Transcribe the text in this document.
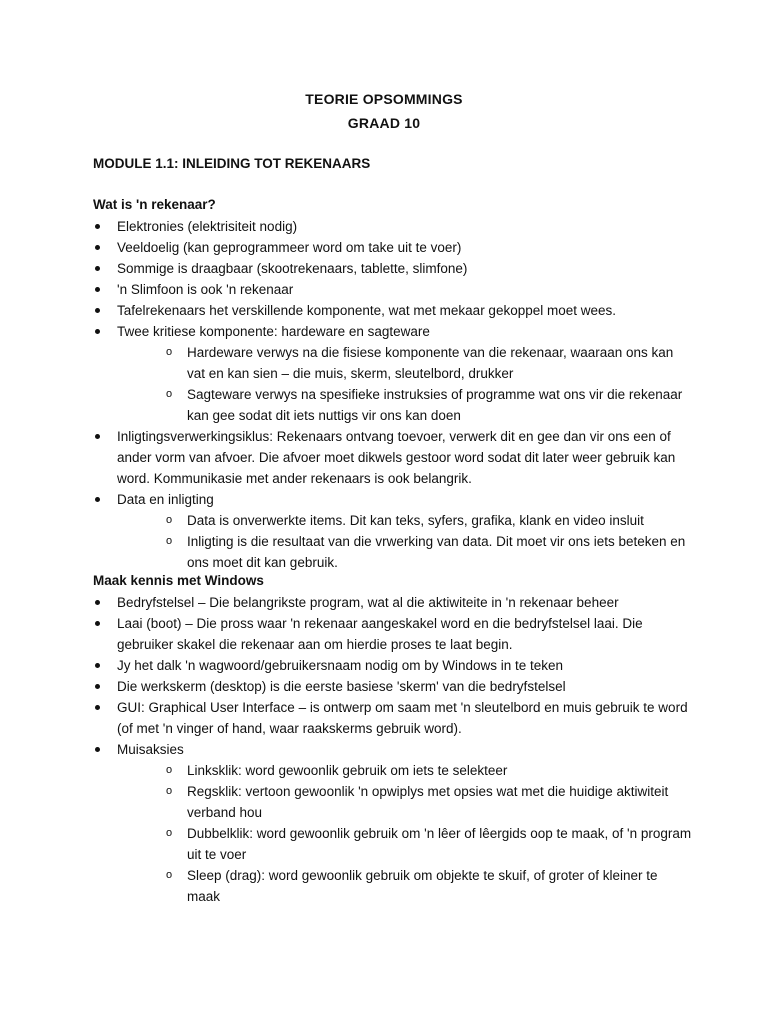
TEORIE OPSOMMINGS
GRAAD 10
MODULE 1.1: INLEIDING TOT REKENAARS
Wat is 'n rekenaar?
Elektronies (elektrisiteit nodig)
Veeldoelig (kan geprogrammeer word om take uit te voer)
Sommige is draagbaar (skootrekenaars, tablette, slimfone)
'n Slimfoon is ook 'n rekenaar
Tafelrekenaars het verskillende komponente, wat met mekaar gekoppel moet wees.
Twee kritiese komponente: hardeware en sagteware
o Hardeware verwys na die fisiese komponente van die rekenaar, waaraan ons kan vat en kan sien – die muis, skerm, sleutelbord, drukker
o Sagteware verwys na spesifieke instruksies of programme wat ons vir die rekenaar kan gee sodat dit iets nuttigs vir ons kan doen
Inligtingsverwerkingsiklus: Rekenaars ontvang toevoer, verwerk dit en gee dan vir ons een of ander vorm van afvoer. Die afvoer moet dikwels gestoor word sodat dit later weer gebruik kan word. Kommunikasie met ander rekenaars is ook belangrik.
Data en inligting
o Data is onverwerkte items. Dit kan teks, syfers, grafika, klank en video insluit
o Inligting is die resultaat van die vrwerking van data. Dit moet vir ons iets beteken en ons moet dit kan gebruik.
Maak kennis met Windows
Bedryfstelsel – Die belangrikste program, wat al die aktiwiteite in 'n rekenaar beheer
Laai (boot) – Die pross waar 'n rekenaar aangeskakel word en die bedryfstelsel laai. Die gebruiker skakel die rekenaar aan om hierdie proses te laat begin.
Jy het dalk 'n wagwoord/gebruikersnaam nodig om by Windows in te teken
Die werkskerm (desktop) is die eerste basiese 'skerm' van die bedryfstelsel
GUI: Graphical User Interface – is ontwerp om saam met 'n sleutelbord en muis gebruik te word (of met 'n vinger of hand, waar raakskerms gebruik word).
Muisaksies
o Linksklik: word gewoonlik gebruik om iets te selekteer
o Regsklik: vertoon gewoonlik 'n opwiplys met opsies wat met die huidige aktiwiteit verband hou
o Dubbelklik: word gewoonlik gebruik om 'n lêer of lêergids oop te maak, of 'n program uit te voer
o Sleep (drag): word gewoonlik gebruik om objekte te skuif, of groter of kleiner te maak
